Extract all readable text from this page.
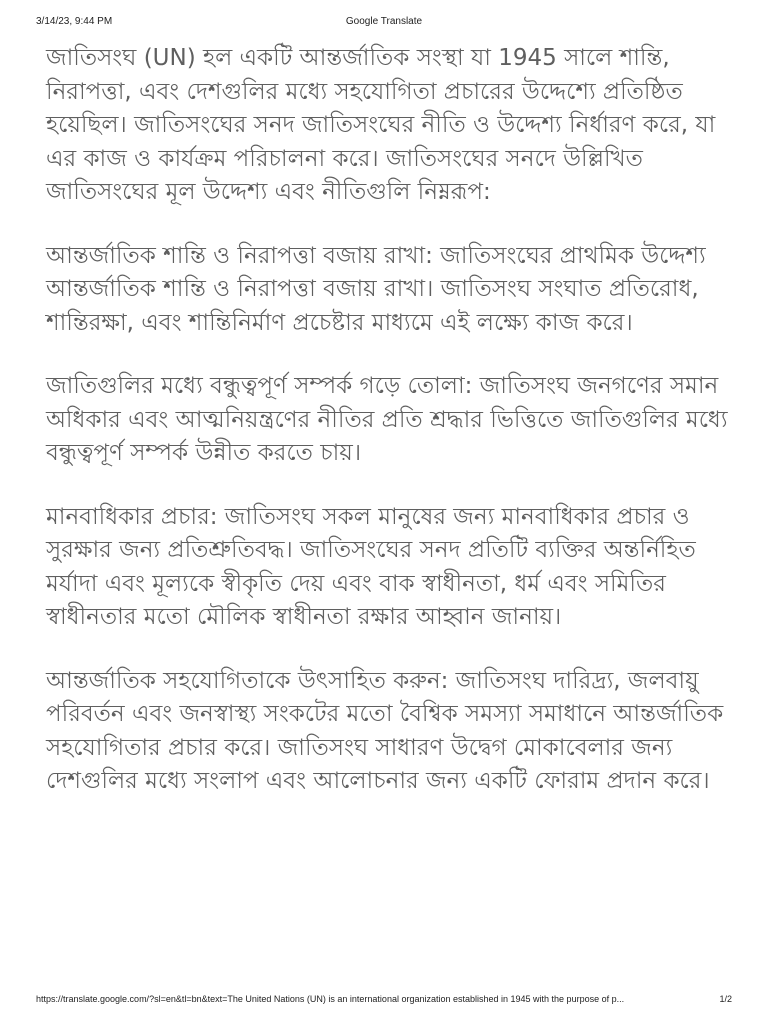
3/14/23, 9:44 PM	Google Translate

জাতিসংঘ (UN) হল একটি আন্তর্জাতিক সংস্থা যা 1945 সালে শান্তি, নিরাপত্তা, এবং দেশগুলির মধ্যে সহযোগিতা প্রচারের উদ্দেশ্যে প্রতিষ্ঠিত হয়েছিল। জাতিসংঘের সনদ জাতিসংঘের নীতি ও উদ্দেশ্য নির্ধারণ করে, যা এর কাজ ও কার্যক্রম পরিচালনা করে। জাতিসংঘের সনদে উল্লিখিত জাতিসংঘের মূল উদ্দেশ্য এবং নীতিগুলি নিম্নরূপ:

আন্তর্জাতিক শান্তি ও নিরাপত্তা বজায় রাখা: জাতিসংঘের প্রাথমিক উদ্দেশ্য আন্তর্জাতিক শান্তি ও নিরাপত্তা বজায় রাখা। জাতিসংঘ সংঘাত প্রতিরোধ, শান্তিরক্ষা, এবং শান্তিনির্মাণ প্রচেষ্টার মাধ্যমে এই লক্ষ্যে কাজ করে।

জাতিগুলির মধ্যে বন্ধুত্বপূর্ণ সম্পর্ক গড়ে তোলা: জাতিসংঘ জনগণের সমান অধিকার এবং আত্মনিয়ন্ত্রণের নীতির প্রতি শ্রদ্ধার ভিত্তিতে জাতিগুলির মধ্যে বন্ধুত্বপূর্ণ সম্পর্ক উন্নীত করতে চায়।

মানবাধিকার প্রচার: জাতিসংঘ সকল মানুষের জন্য মানবাধিকার প্রচার ও সুরক্ষার জন্য প্রতিশ্রুতিবদ্ধ। জাতিসংঘের সনদ প্রতিটি ব্যক্তির অন্তর্নিহিত মর্যাদা এবং মূল্যকে স্বীকৃতি দেয় এবং বাক স্বাধীনতা, ধর্ম এবং সমিতির স্বাধীনতার মতো মৌলিক স্বাধীনতা রক্ষার আহ্বান জানায়।

আন্তর্জাতিক সহযোগিতাকে উৎসাহিত করুন: জাতিসংঘ দারিদ্র্য, জলবায়ু পরিবর্তন এবং জনস্বাস্থ্য সংকটের মতো বৈশ্বিক সমস্যা সমাধানে আন্তর্জাতিক সহযোগিতার প্রচার করে। জাতিসংঘ সাধারণ উদ্বেগ মোকাবেলার জন্য দেশগুলির মধ্যে সংলাপ এবং আলোচনার জন্য একটি ফোরাম প্রদান করে।

https://translate.google.com/?sl=en&tl=bn&text=The United Nations (UN) is an international organization established in 1945 with the purpose of p...	1/2
